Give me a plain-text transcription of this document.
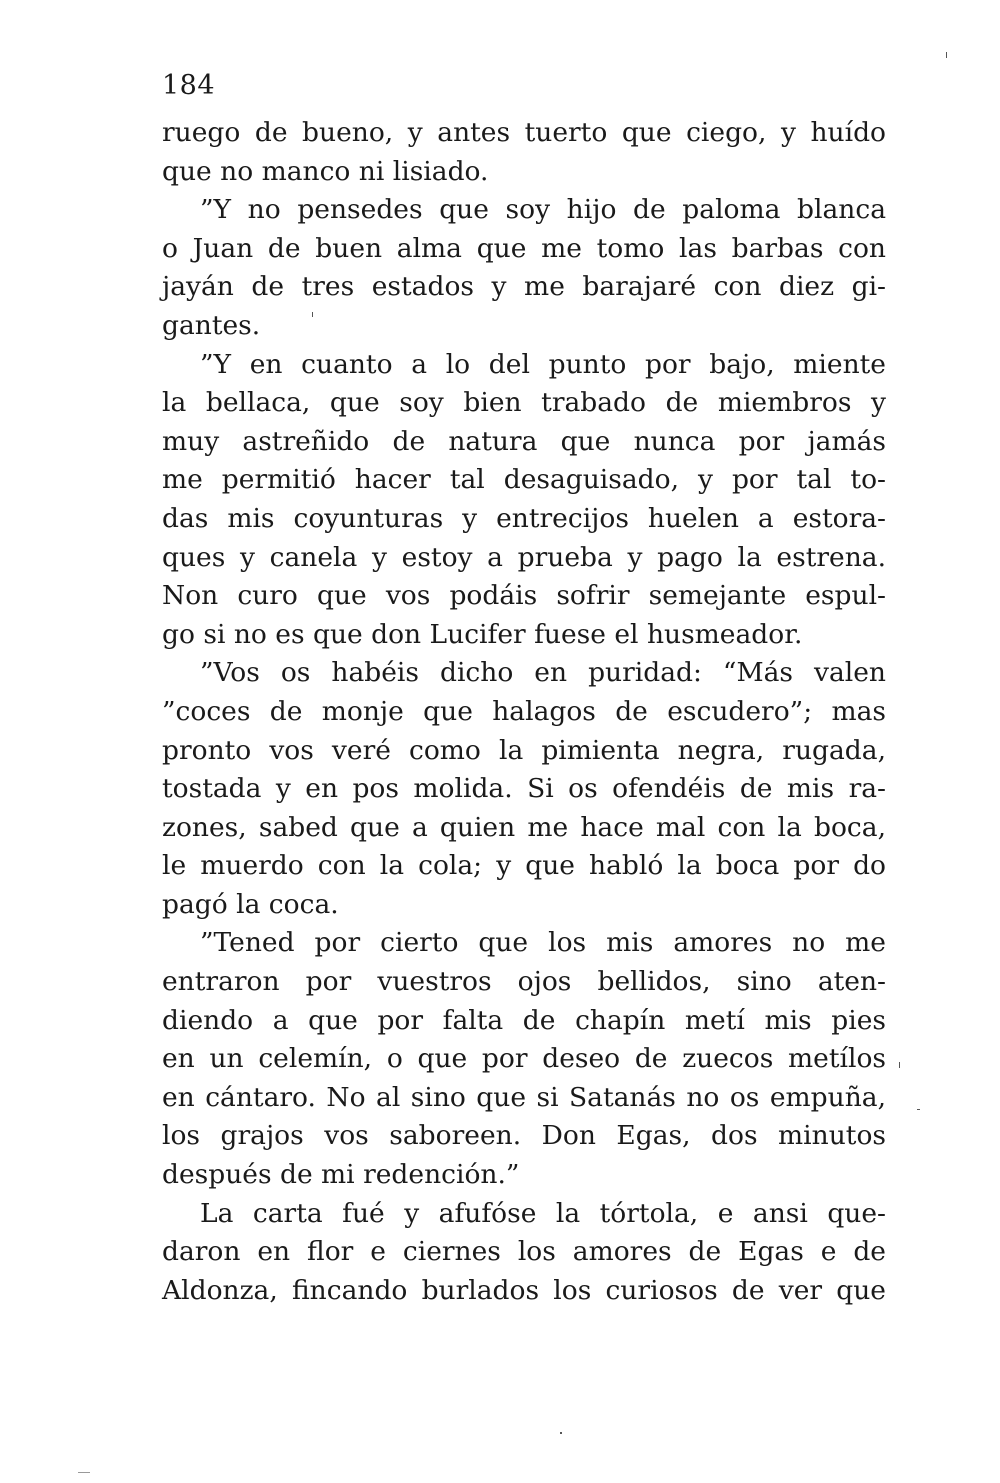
184
ruego de bueno, y antes tuerto que ciego, y huído
que no manco ni lisiado.
”Y no pensedes que soy hijo de paloma blanca
o Juan de buen alma que me tomo las barbas con
jayán de tres estados y me barajaré con diez gi-
gantes.
”Y en cuanto a lo del punto por bajo, miente
la bellaca, que soy bien trabado de miembros y
muy astreñido de natura que nunca por jamás
me permitió hacer tal desaguisado, y por tal to-
das mis coyunturas y entrecijos huelen a estora-
ques y canela y estoy a prueba y pago la estrena.
Non curo que vos podáis sofrir semejante espul-
go si no es que don Lucifer fuese el husmeador.
”Vos os habéis dicho en puridad: “Más valen
”coces de monje que halagos de escudero”; mas
pronto vos veré como la pimienta negra, rugada,
tostada y en pos molida. Si os ofendéis de mis ra-
zones, sabed que a quien me hace mal con la boca,
le muerdo con la cola; y que habló la boca por do
pagó la coca.
”Tened por cierto que los mis amores no me
entraron por vuestros ojos bellidos, sino aten-
diendo a que por falta de chapín metí mis pies
en un celemín, o que por deseo de zuecos metílos
en cántaro. No al sino que si Satanás no os empuña,
los grajos vos saboreen. Don Egas, dos minutos
después de mi redención.”
La carta fué y afufóse la tórtola, e ansi que-
daron en flor e ciernes los amores de Egas e de
Aldonza, fincando burlados los curiosos de ver que
